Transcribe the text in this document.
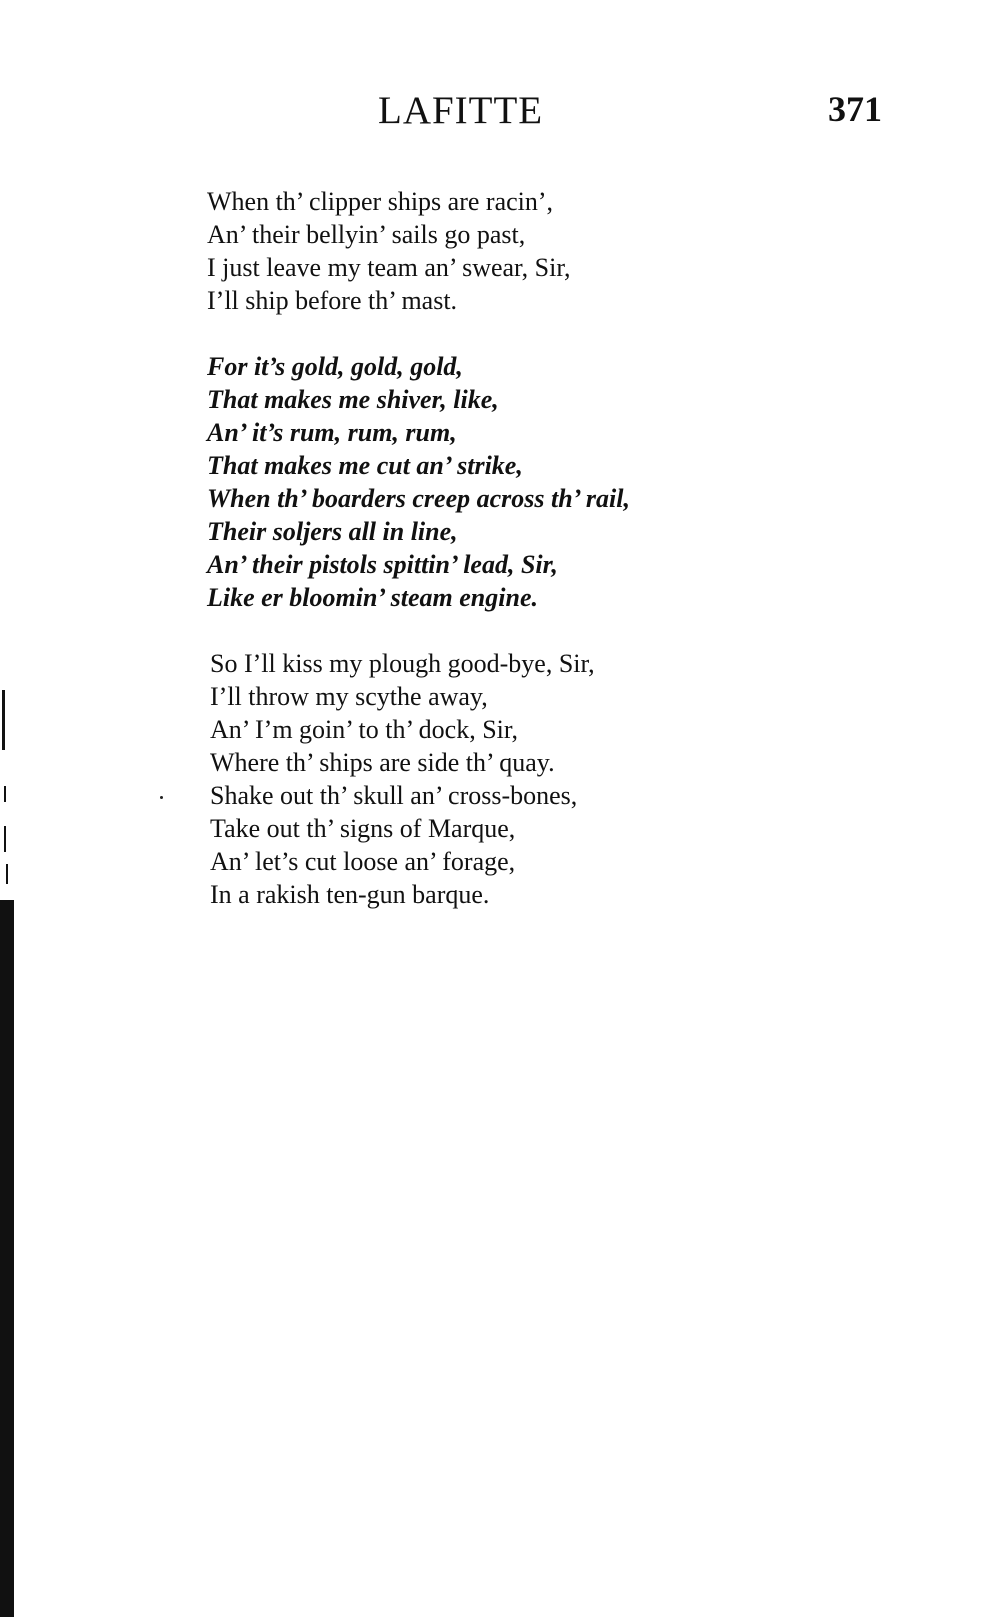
LAFITTE	371
When th’ clipper ships are racin’,
An’ their bellyin’ sails go past,
I just leave my team an’ swear, Sir,
I’ll ship before th’ mast.
For it’s gold, gold, gold,
That makes me shiver, like,
An’ it’s rum, rum, rum,
That makes me cut an’ strike,
When th’ boarders creep across th’ rail,
Their soljers all in line,
An’ their pistols spittin’ lead, Sir,
Like er bloomin’ steam engine.
So I’ll kiss my plough good-bye, Sir,
I’ll throw my scythe away,
An’ I’m goin’ to th’ dock, Sir,
Where th’ ships are side th’ quay.
Shake out th’ skull an’ cross-bones,
Take out th’ signs of Marque,
An’ let’s cut loose an’ forage,
In a rakish ten-gun barque.
